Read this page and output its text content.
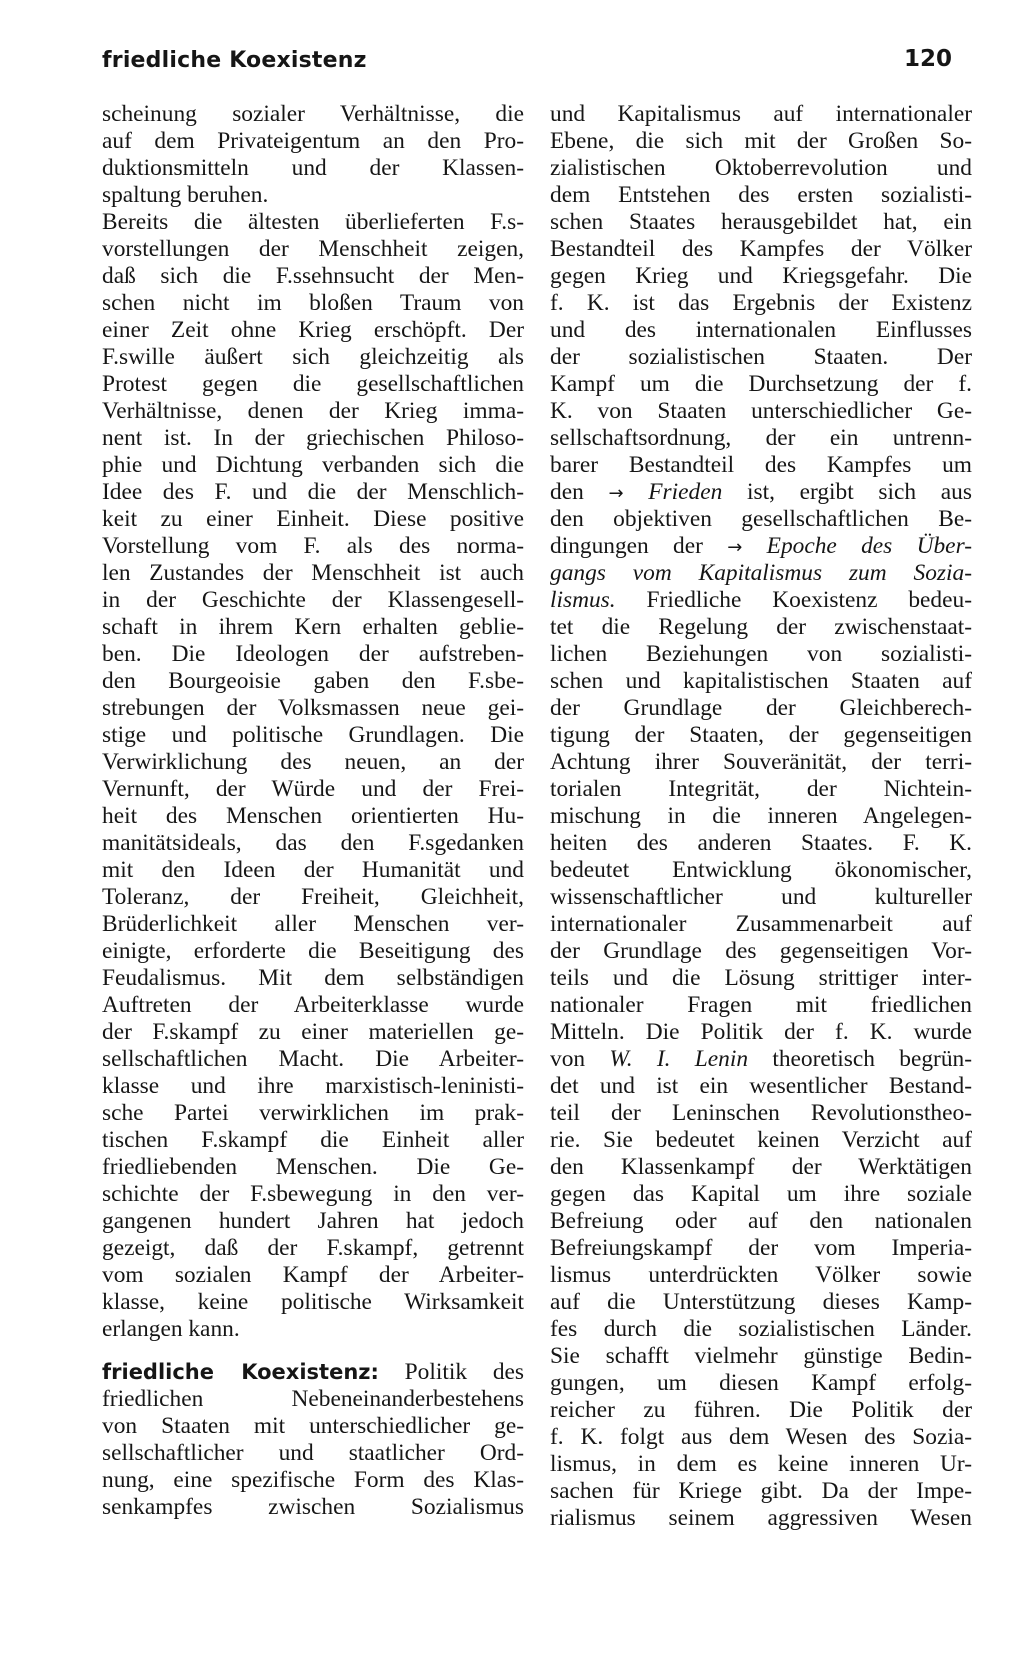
friedliche Koexistenz	120
scheinung sozialer Verhältnisse, die
auf dem Privateigentum an den Pro-
duktionsmitteln und der Klassen-
spaltung beruhen.
Bereits die ältesten überlieferten F.s-
vorstellungen der Menschheit zeigen,
daß sich die F.ssehnsucht der Men-
schen nicht im bloßen Traum von
einer Zeit ohne Krieg erschöpft. Der
F.swille äußert sich gleichzeitig als
Protest gegen die gesellschaftlichen
Verhältnisse, denen der Krieg imma-
nent ist. In der griechischen Philoso-
phie und Dichtung verbanden sich die
Idee des F. und die der Menschlich-
keit zu einer Einheit. Diese positive
Vorstellung vom F. als des norma-
len Zustandes der Menschheit ist auch
in der Geschichte der Klassengesell-
schaft in ihrem Kern erhalten geblie-
ben. Die Ideologen der aufstreben-
den Bourgeoisie gaben den F.sbe-
strebungen der Volksmassen neue gei-
stige und politische Grundlagen. Die
Verwirklichung des neuen, an der
Vernunft, der Würde und der Frei-
heit des Menschen orientierten Hu-
manitätsideals, das den F.sgedanken
mit den Ideen der Humanität und
Toleranz, der Freiheit, Gleichheit,
Brüderlichkeit aller Menschen ver-
einigte, erforderte die Beseitigung des
Feudalismus. Mit dem selbständigen
Auftreten der Arbeiterklasse wurde
der F.skampf zu einer materiellen ge-
sellschaftlichen Macht. Die Arbeiter-
klasse und ihre marxistisch-leninisti-
sche Partei verwirklichen im prak-
tischen F.skampf die Einheit aller
friedliebenden Menschen. Die Ge-
schichte der F.sbewegung in den ver-
gangenen hundert Jahren hat jedoch
gezeigt, daß der F.skampf, getrennt
vom sozialen Kampf der Arbeiter-
klasse, keine politische Wirksamkeit
erlangen kann.
friedliche Koexistenz: Politik des
friedlichen Nebeneinanderbestehens
von Staaten mit unterschiedlicher ge-
sellschaftlicher und staatlicher Ord-
nung, eine spezifische Form des Klas-
senkampfes zwischen Sozialismus
und Kapitalismus auf internationaler
Ebene, die sich mit der Großen So-
zialistischen Oktoberrevolution und
dem Entstehen des ersten sozialisti-
schen Staates herausgebildet hat, ein
Bestandteil des Kampfes der Völker
gegen Krieg und Kriegsgefahr. Die
f. K. ist das Ergebnis der Existenz
und des internationalen Einflusses
der sozialistischen Staaten. Der
Kampf um die Durchsetzung der f.
K. von Staaten unterschiedlicher Ge-
sellschaftsordnung, der ein untrenn-
barer Bestandteil des Kampfes um
den → Frieden ist, ergibt sich aus
den objektiven gesellschaftlichen Be-
dingungen der → Epoche des Über-
gangs vom Kapitalismus zum Sozia-
lismus. Friedliche Koexistenz bedeu-
tet die Regelung der zwischenstaat-
lichen Beziehungen von sozialisti-
schen und kapitalistischen Staaten auf
der Grundlage der Gleichberech-
tigung der Staaten, der gegenseitigen
Achtung ihrer Souveränität, der terri-
torialen Integrität, der Nichtein-
mischung in die inneren Angelegen-
heiten des anderen Staates. F. K.
bedeutet Entwicklung ökonomischer,
wissenschaftlicher und kultureller
internationaler Zusammenarbeit auf
der Grundlage des gegenseitigen Vor-
teils und die Lösung strittiger inter-
nationaler Fragen mit friedlichen
Mitteln. Die Politik der f. K. wurde
von W. I. Lenin theoretisch begrün-
det und ist ein wesentlicher Bestand-
teil der Leninschen Revolutionstheo-
rie. Sie bedeutet keinen Verzicht auf
den Klassenkampf der Werktätigen
gegen das Kapital um ihre soziale
Befreiung oder auf den nationalen
Befreiungskampf der vom Imperia-
lismus unterdrückten Völker sowie
auf die Unterstützung dieses Kamp-
fes durch die sozialistischen Länder.
Sie schafft vielmehr günstige Bedin-
gungen, um diesen Kampf erfolg-
reicher zu führen. Die Politik der
f. K. folgt aus dem Wesen des Sozia-
lismus, in dem es keine inneren Ur-
sachen für Kriege gibt. Da der Impe-
rialismus seinem aggressiven Wesen
